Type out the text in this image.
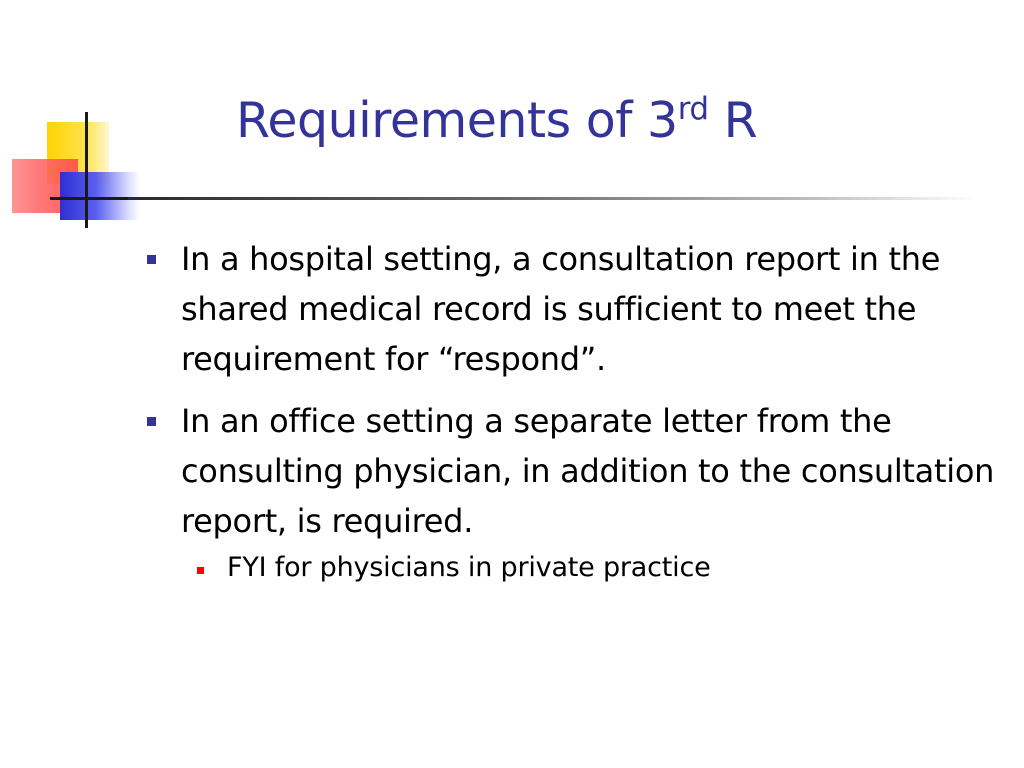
Requirements of 3rd R
In a hospital setting, a consultation report in the shared medical record is sufficient to meet the requirement for “respond”.
In an office setting a separate letter from the consulting physician, in addition to the consultation report, is required.
FYI for physicians in private practice
